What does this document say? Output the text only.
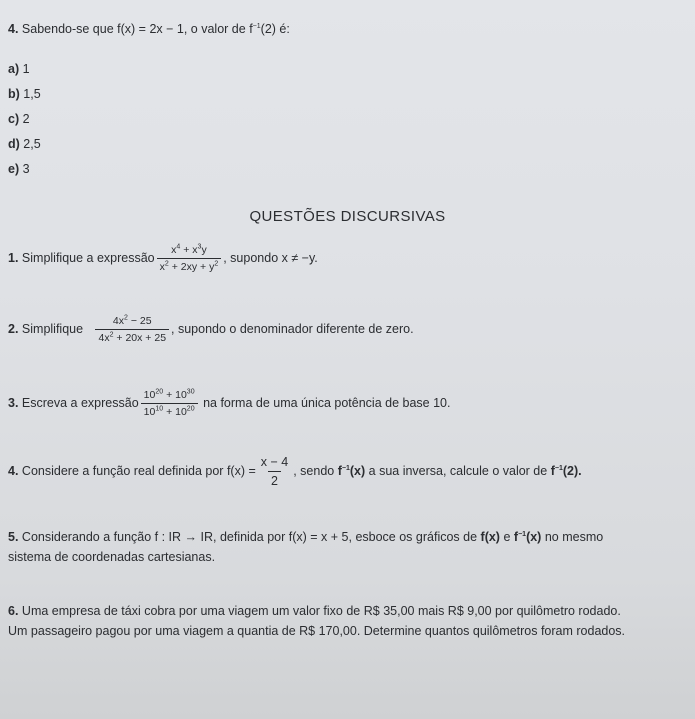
4. Sabendo-se que f(x) = 2x − 1, o valor de $f^{-1}(2)$ é:
a) 1
b) 1,5
c) 2
d) 2,5
e) 3
QUESTÕES DISCURSIVAS
1.
Simplifique a expressão $\frac{x^4 + x^3y}{x^2 + 2xy + y^2}$ , supondo x ≠ −y.
2.
Simplifique
$\frac{4x^2 - 25}{4x^2 + 20x + 25}$ , supondo o denominador diferente de zero.
3.
Escreva a expressão $\frac{10^{20} + 10^{30}}{10^{10} + 10^{20}}$
na forma de uma única potência de base 10.
4.
Considere a função real definida por
$f(x) = \frac{x - 4}{2}$ , sendo
$f^{-1}(x)$
a sua inversa, calcule o valor de
$f^{-1}(2)$.
5. Considerando a função f : IR → IR, definida por f(x) = x + 5, esboce os gráficos de f(x) e $f^{-1}(x)$ no mesmo
sistema de coordenadas cartesianas.
6. Uma empresa de táxi cobra por uma viagem um valor fixo de R$ 35,00 mais R$ 9,00 por quilômetro rodado.
Um passageiro pagou por uma viagem a quantia de R$ 170,00. Determine quantos quilômetros foram rodados.
